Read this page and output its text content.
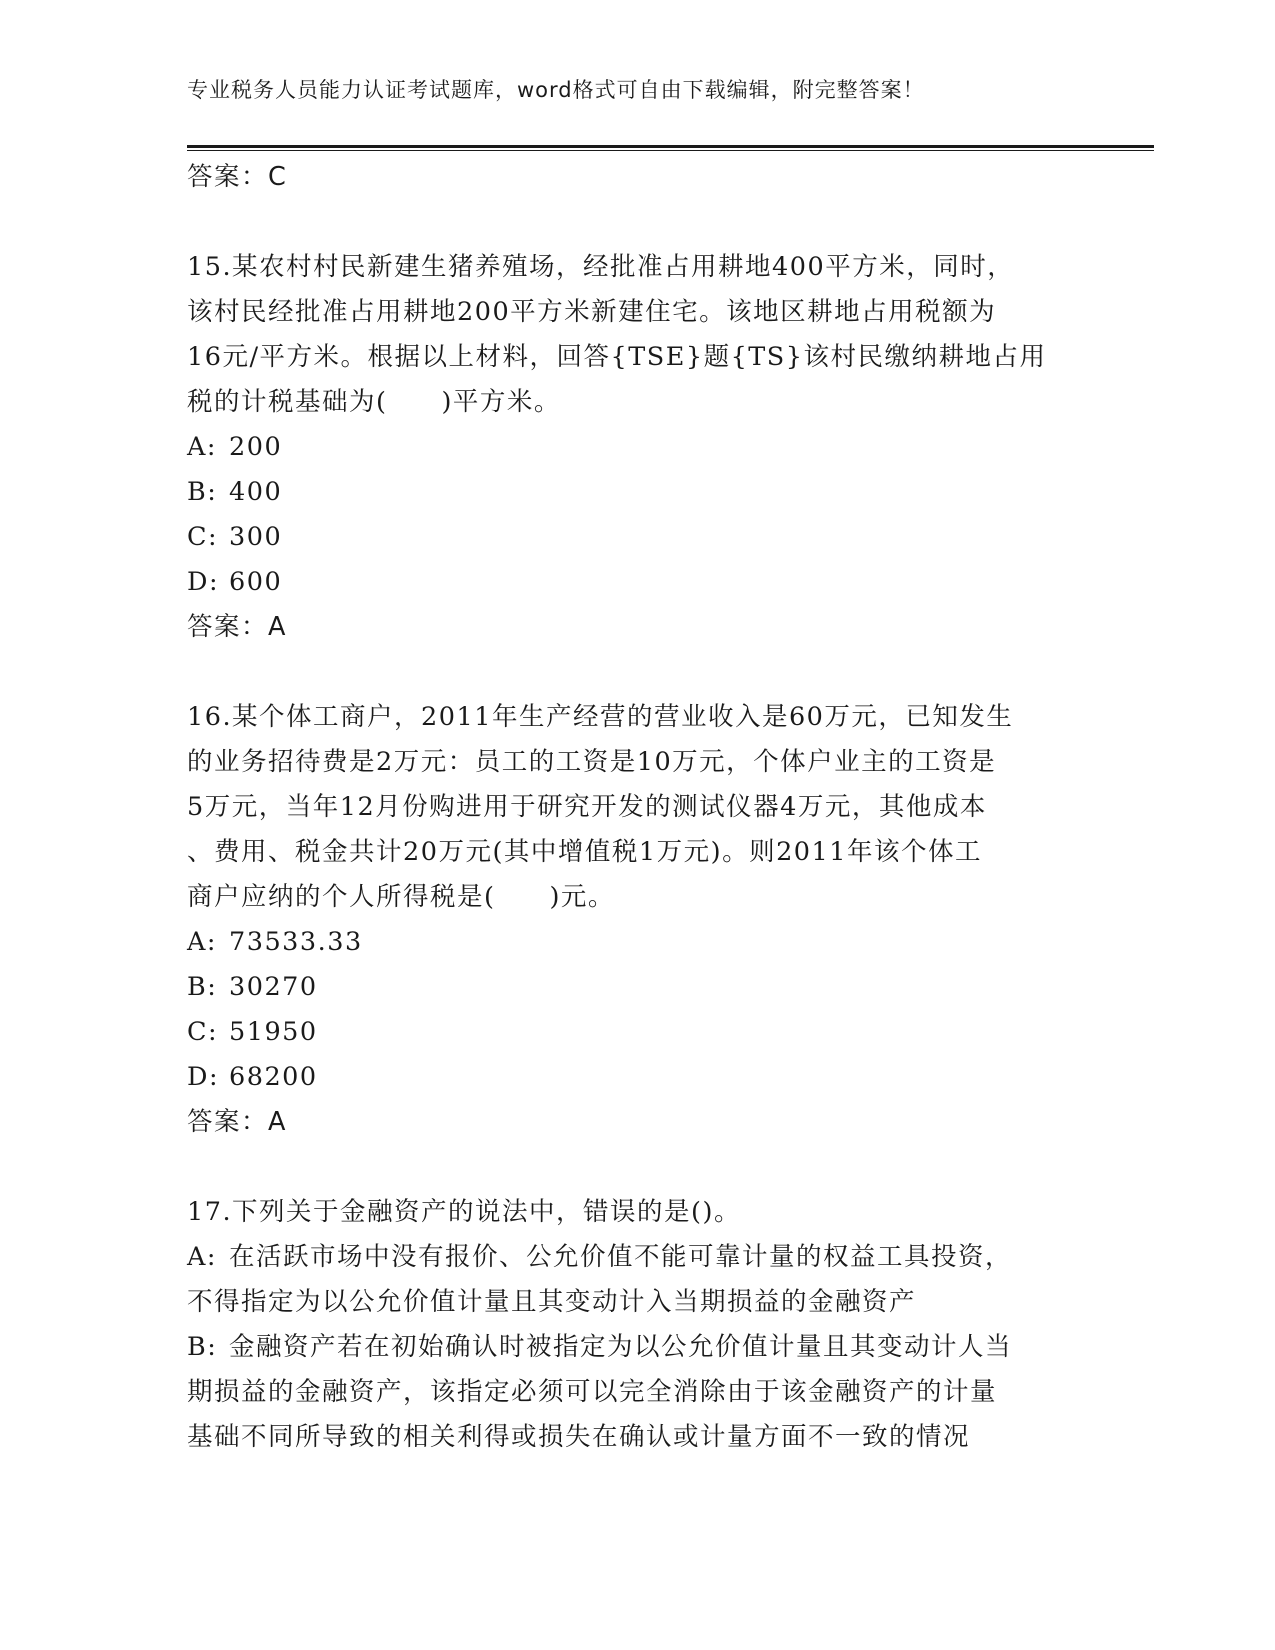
专业税务人员能力认证考试题库，word格式可自由下载编辑，附完整答案！
答案：C
15.某农村村民新建生猪养殖场，经批准占用耕地400平方米，同时，
该村民经批准占用耕地200平方米新建住宅。该地区耕地占用税额为
16元/平方米。根据以上材料，回答{TSE}题{TS}该村民缴纳耕地占用
税的计税基础为(　　)平方米。
A: 200
B: 400
C: 300
D: 600
答案：A
16.某个体工商户，2011年生产经营的营业收入是60万元，已知发生
的业务招待费是2万元：员工的工资是10万元，个体户业主的工资是
5万元，当年12月份购进用于研究开发的测试仪器4万元，其他成本
、费用、税金共计20万元(其中增值税1万元)。则2011年该个体工
商户应纳的个人所得税是(　　)元。
A: 73533.33
B: 30270
C: 51950
D: 68200
答案：A
17.下列关于金融资产的说法中，错误的是()。
A: 在活跃市场中没有报价、公允价值不能可靠计量的权益工具投资，
不得指定为以公允价值计量且其变动计入当期损益的金融资产
B: 金融资产若在初始确认时被指定为以公允价值计量且其变动计人当
期损益的金融资产，该指定必须可以完全消除由于该金融资产的计量
基础不同所导致的相关利得或损失在确认或计量方面不一致的情况
